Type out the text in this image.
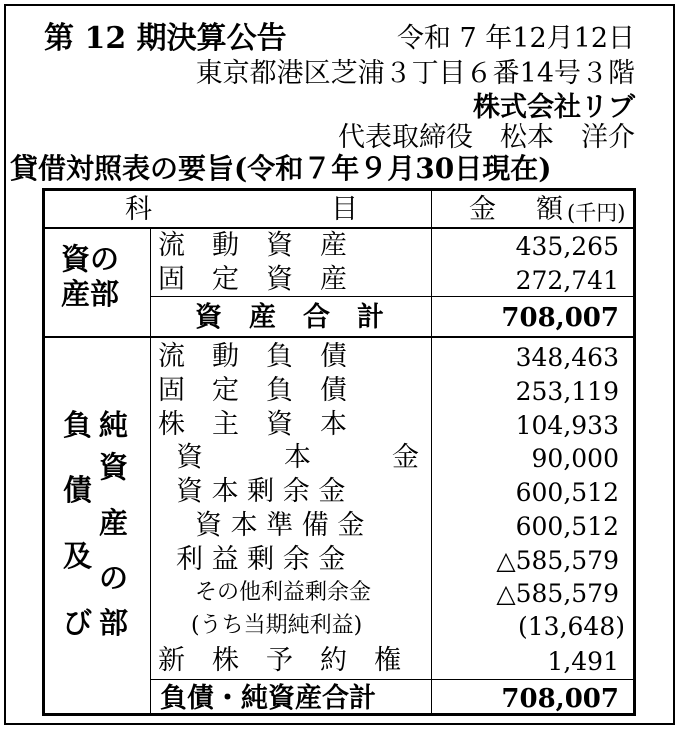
第 12 期決算公告	令和 7 年12月12日
東京都港区芝浦３丁目６番14号３階
株式会社リブ
代表取締役　松本　洋介
貸借対照表の要旨(令和７年９月30日現在)
科	目	金 額 (千円)
資の
産部
流　動　資　産	435,265
固　定　資　産	272,741
資　産　合　計	708,007
負
債
及
び
純
資
産
の
部
流　動　負　債	348,463
固　定　負　債	253,119
株　主　資　本	104,933
資　　　本　　　金	90,000
資 本 剰 余 金	600,512
資 本 準 備 金	600,512
利 益 剰 余 金	△585,579
その他利益剰余金	△585,579
(うち当期純利益)	(13,648)
新　株　予　約　権	1,491
負債・純資産合計	708,007
